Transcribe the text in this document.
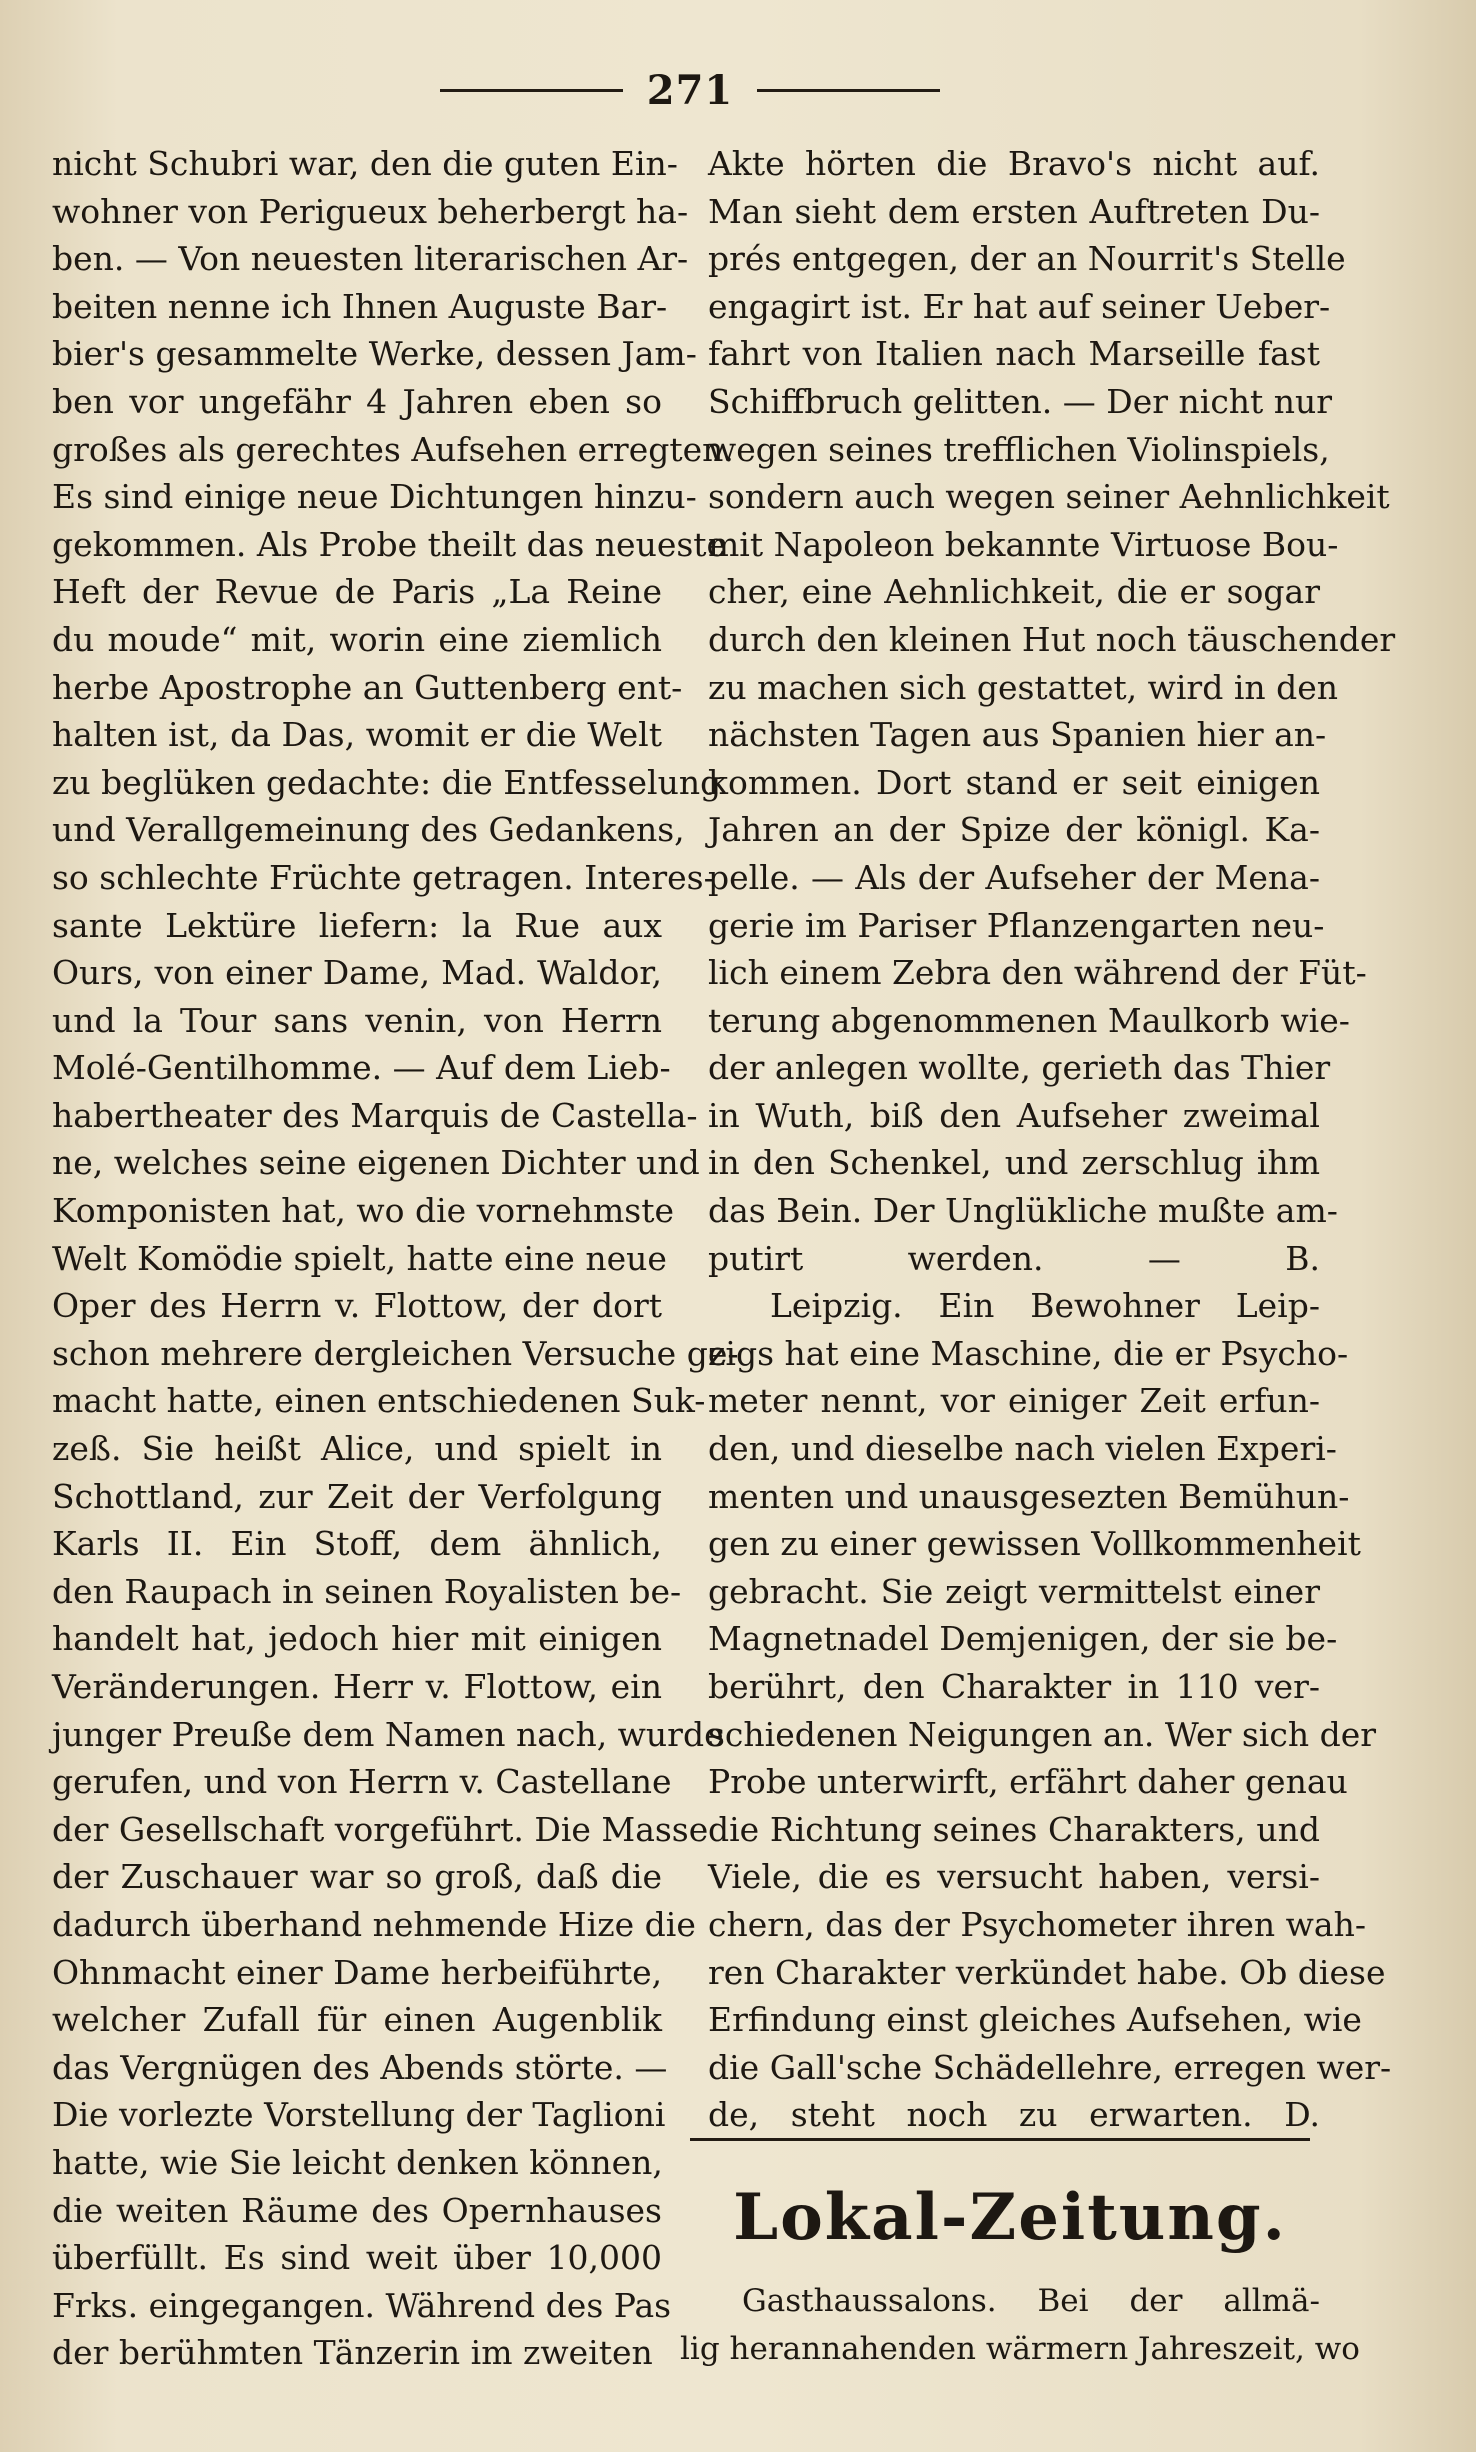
271
nicht Schubri war, den die guten Ein-
wohner von Perigueux beherbergt ha-
ben. — Von neuesten literarischen Ar-
beiten nenne ich Ihnen Auguste Bar-
bier's gesammelte Werke, dessen Jam-
ben vor ungefähr 4 Jahren eben so
großes als gerechtes Aufsehen erregten.
Es sind einige neue Dichtungen hinzu-
gekommen. Als Probe theilt das neueste
Heft der Revue de Paris „La Reine
du moude“ mit, worin eine ziemlich
herbe Apostrophe an Guttenberg ent-
halten ist, da Das, womit er die Welt
zu beglüken gedachte: die Entfesselung
und Verallgemeinung des Gedankens,
so schlechte Früchte getragen. Interes-
sante Lektüre liefern: la Rue aux
Ours, von einer Dame, Mad. Waldor,
und la Tour sans venin, von Herrn
Molé-Gentilhomme. — Auf dem Lieb-
habertheater des Marquis de Castella-
ne, welches seine eigenen Dichter und
Komponisten hat, wo die vornehmste
Welt Komödie spielt, hatte eine neue
Oper des Herrn v. Flottow, der dort
schon mehrere dergleichen Versuche ge-
macht hatte, einen entschiedenen Suk-
zeß. Sie heißt Alice, und spielt in
Schottland, zur Zeit der Verfolgung
Karls II. Ein Stoff, dem ähnlich,
den Raupach in seinen Royalisten be-
handelt hat, jedoch hier mit einigen
Veränderungen. Herr v. Flottow, ein
junger Preuße dem Namen nach, wurde
gerufen, und von Herrn v. Castellane
der Gesellschaft vorgeführt. Die Masse
der Zuschauer war so groß, daß die
dadurch überhand nehmende Hize die
Ohnmacht einer Dame herbeiführte,
welcher Zufall für einen Augenblik
das Vergnügen des Abends störte. —
Die vorlezte Vorstellung der Taglioni
hatte, wie Sie leicht denken können,
die weiten Räume des Opernhauses
überfüllt. Es sind weit über 10,000
Frks. eingegangen. Während des Pas
der berühmten Tänzerin im zweiten
Akte hörten die Bravo's nicht auf.
Man sieht dem ersten Auftreten Du-
prés entgegen, der an Nourrit's Stelle
engagirt ist. Er hat auf seiner Ueber-
fahrt von Italien nach Marseille fast
Schiffbruch gelitten. — Der nicht nur
wegen seines trefflichen Violinspiels,
sondern auch wegen seiner Aehnlichkeit
mit Napoleon bekannte Virtuose Bou-
cher, eine Aehnlichkeit, die er sogar
durch den kleinen Hut noch täuschender
zu machen sich gestattet, wird in den
nächsten Tagen aus Spanien hier an-
kommen. Dort stand er seit einigen
Jahren an der Spize der königl. Ka-
pelle. — Als der Aufseher der Mena-
gerie im Pariser Pflanzengarten neu-
lich einem Zebra den während der Füt-
terung abgenommenen Maulkorb wie-
der anlegen wollte, gerieth das Thier
in Wuth, biß den Aufseher zweimal
in den Schenkel, und zerschlug ihm
das Bein. Der Unglükliche mußte am-
putirt werden. — B.
Leipzig. Ein Bewohner Leip-
zigs hat eine Maschine, die er Psycho-
meter nennt, vor einiger Zeit erfun-
den, und dieselbe nach vielen Experi-
menten und unausgesezten Bemühun-
gen zu einer gewissen Vollkommenheit
gebracht. Sie zeigt vermittelst einer
Magnetnadel Demjenigen, der sie be-
berührt, den Charakter in 110 ver-
schiedenen Neigungen an. Wer sich der
Probe unterwirft, erfährt daher genau
die Richtung seines Charakters, und
Viele, die es versucht haben, versi-
chern, das der Psychometer ihren wah-
ren Charakter verkündet habe. Ob diese
Erfindung einst gleiches Aufsehen, wie
die Gall'sche Schädellehre, erregen wer-
de, steht noch zu erwarten. D.
Lokal-Zeitung.
Gasthaussalons. Bei der allmä-
lig herannahenden wärmern Jahreszeit, wo
